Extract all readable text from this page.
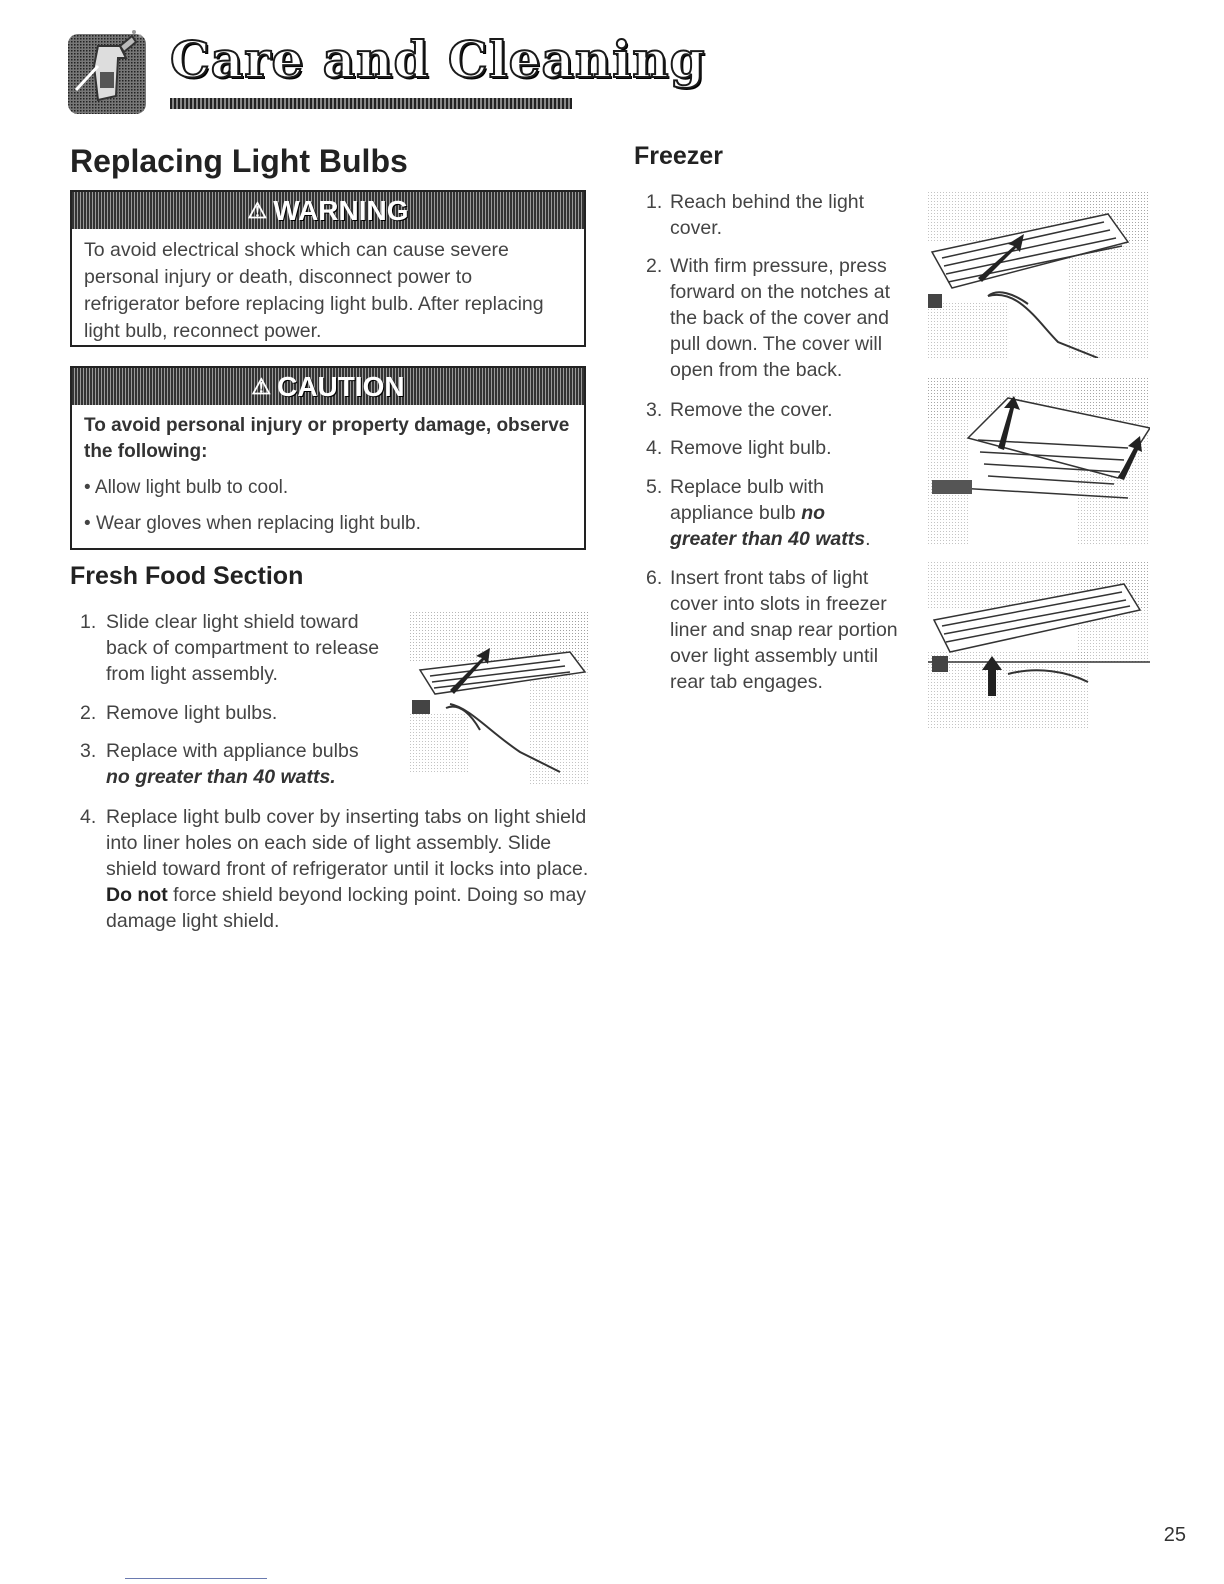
Care and Cleaning
Replacing Light Bulbs
⚠ WARNING
To avoid electrical shock which can cause severe personal injury or death, disconnect power to refrigerator before replacing light bulb. After replacing light bulb, reconnect power.
⚠ CAUTION
To avoid personal injury or property damage, observe the following:
• Allow light bulb to cool.
• Wear gloves when replacing light bulb.
Fresh Food Section
1. Slide clear light shield toward back of compartment to release from light assembly.
2. Remove light bulbs.
3. Replace with appliance bulbs
no greater than 40 watts.
4. Replace light bulb cover by inserting tabs on light shield into liner holes on each side of light assembly. Slide shield toward front of refrigerator until it locks into place. Do not force shield beyond locking point. Doing so may damage light shield.
Freezer
1. Reach behind the light cover.
2. With firm pressure, press forward on the notches at the back of the cover and pull down. The cover will open from the back.
3. Remove the cover.
4. Remove light bulb.
5. Replace bulb with appliance bulb no greater than 40 watts.
6. Insert front tabs of light cover into slots in freezer liner and snap rear portion over light assembly until rear tab engages.
25
